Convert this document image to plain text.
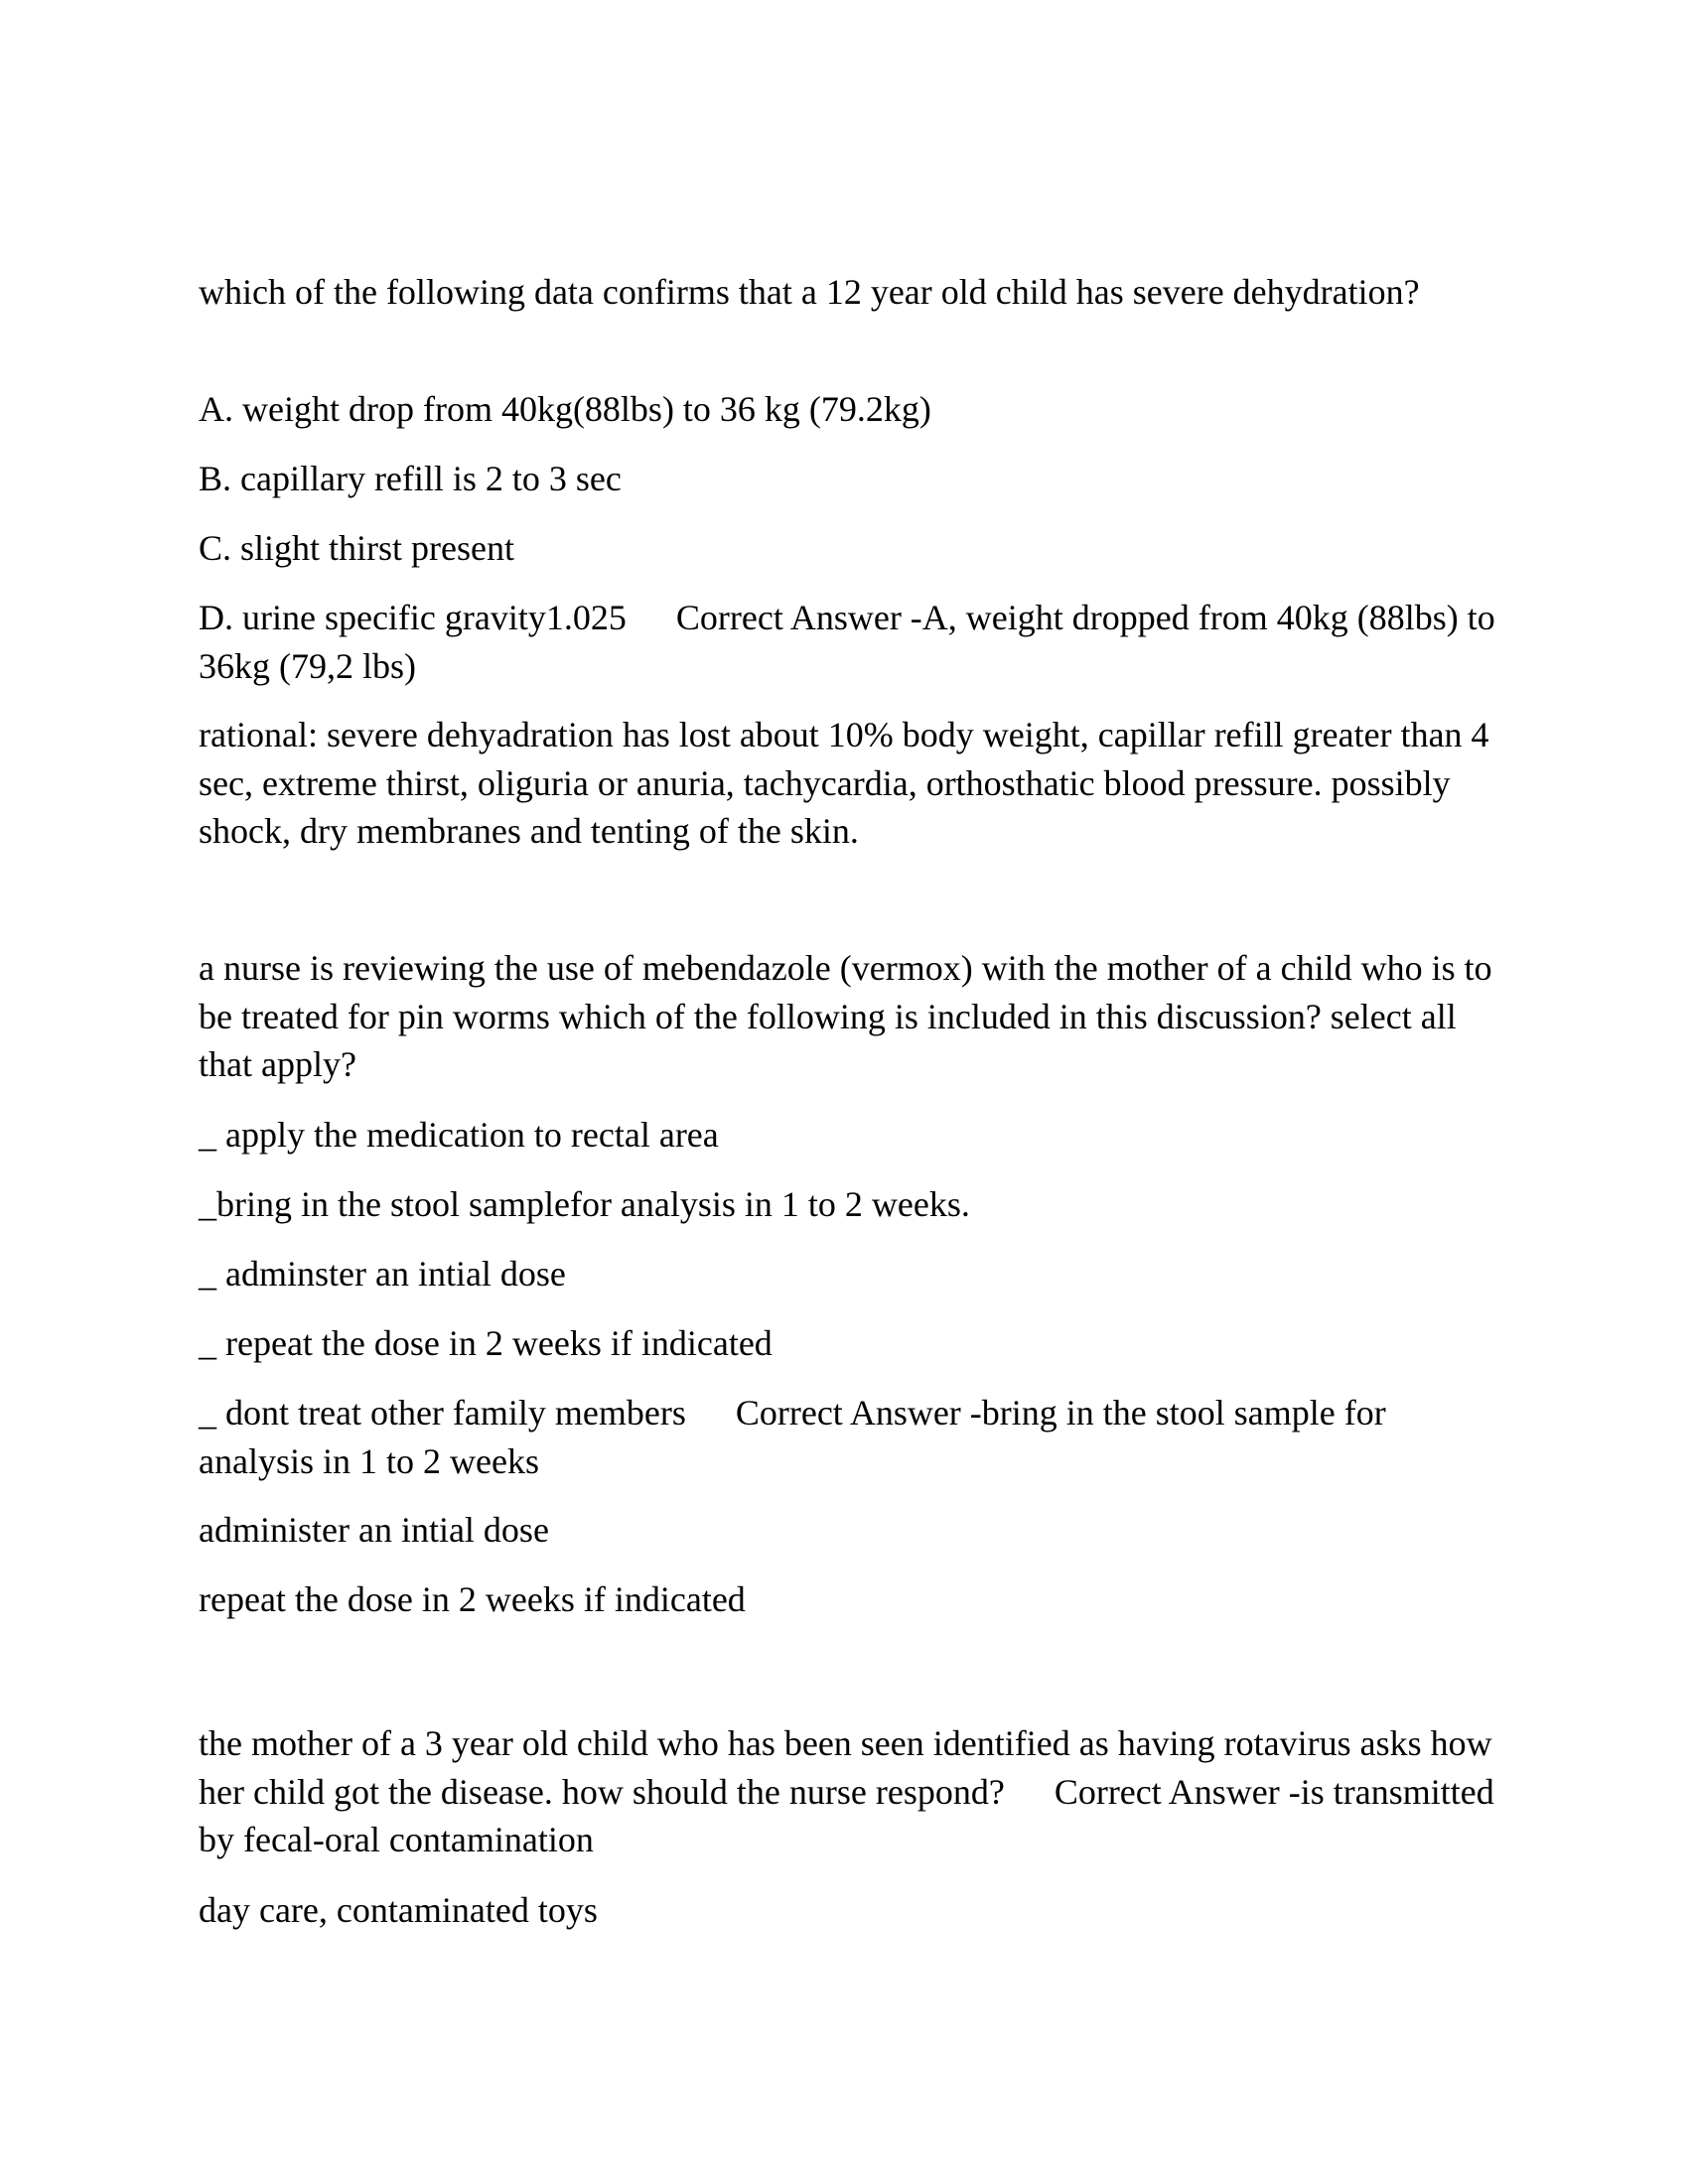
which of the following data confirms that a 12 year old child has severe dehydration?

A. weight drop from 40kg(88lbs) to 36 kg (79.2kg)

B. capillary refill is 2 to 3 sec

C. slight thirst present

D. urine specific gravity1.025 Correct Answer -A, weight dropped from 40kg (88lbs) to 36kg (79,2 lbs)

rational: severe dehyadration has lost about 10% body weight, capillar refill greater than 4 sec, extreme thirst, oliguria or anuria, tachycardia, orthosthatic blood pressure. possibly shock, dry membranes and tenting of the skin.

a nurse is reviewing the use of mebendazole (vermox) with the mother of a child who is to be treated for pin worms which of the following is included in this discussion? select all that apply?

_ apply the medication to rectal area

_bring in the stool samplefor analysis in 1 to 2 weeks.

_ adminster an intial dose

_ repeat the dose in 2 weeks if indicated

_ dont treat other family members Correct Answer -bring in the stool sample for analysis in 1 to 2 weeks

administer an intial dose

repeat the dose in 2 weeks if indicated

the mother of a 3 year old child who has been seen identified as having rotavirus asks how her child got the disease. how should the nurse respond? Correct Answer -is transmitted by fecal-oral contamination

day care, contaminated toys
